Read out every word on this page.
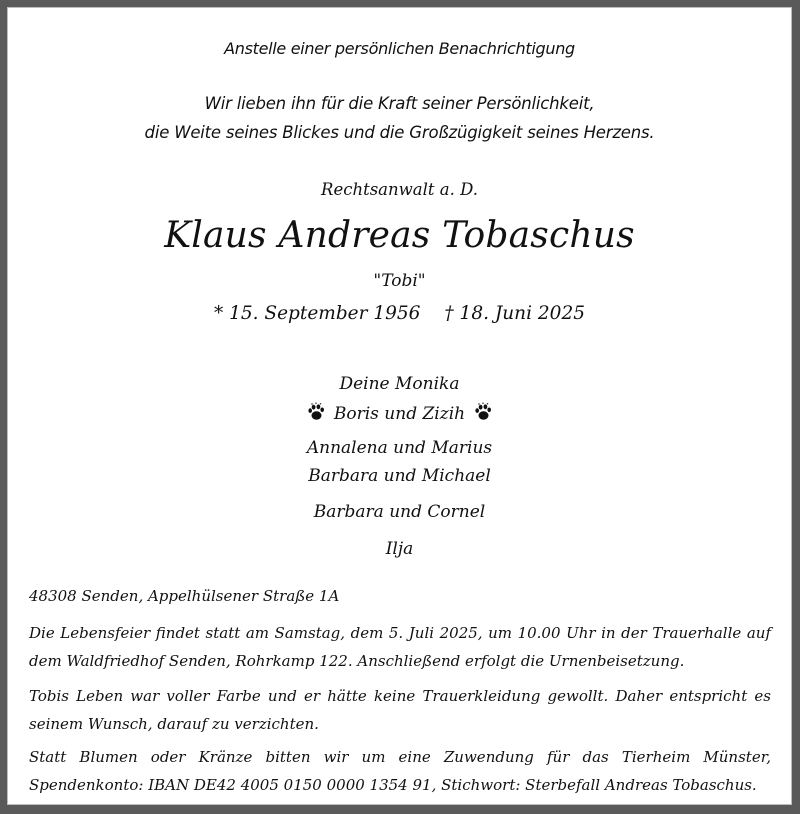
Anstelle einer persönlichen Benachrichtigung
Wir lieben ihn für die Kraft seiner Persönlichkeit,
die Weite seines Blickes und die Großzügigkeit seines Herzens.
Rechtsanwalt a. D.
Klaus Andreas Tobaschus
"Tobi"
* 15. September 1956 † 18. Juni 2025
Deine Monika
Boris und Zizih
Annalena und Marius
Barbara und Michael
Barbara und Cornel
Ilja
48308 Senden, Appelhülsener Straße 1A
Die Lebensfeier findet statt am Samstag, dem 5. Juli 2025, um 10.00 Uhr in der Trauerhalle auf dem Waldfriedhof Senden, Rohrkamp 122. Anschließend erfolgt die Urnenbeisetzung.
Tobis Leben war voller Farbe und er hätte keine Trauerkleidung gewollt. Daher entspricht es seinem Wunsch, darauf zu verzichten.
Statt Blumen oder Kränze bitten wir um eine Zuwendung für das Tierheim Münster, Spendenkonto: IBAN DE42 4005 0150 0000 1354 91, Stichwort: Sterbefall Andreas Tobaschus.
